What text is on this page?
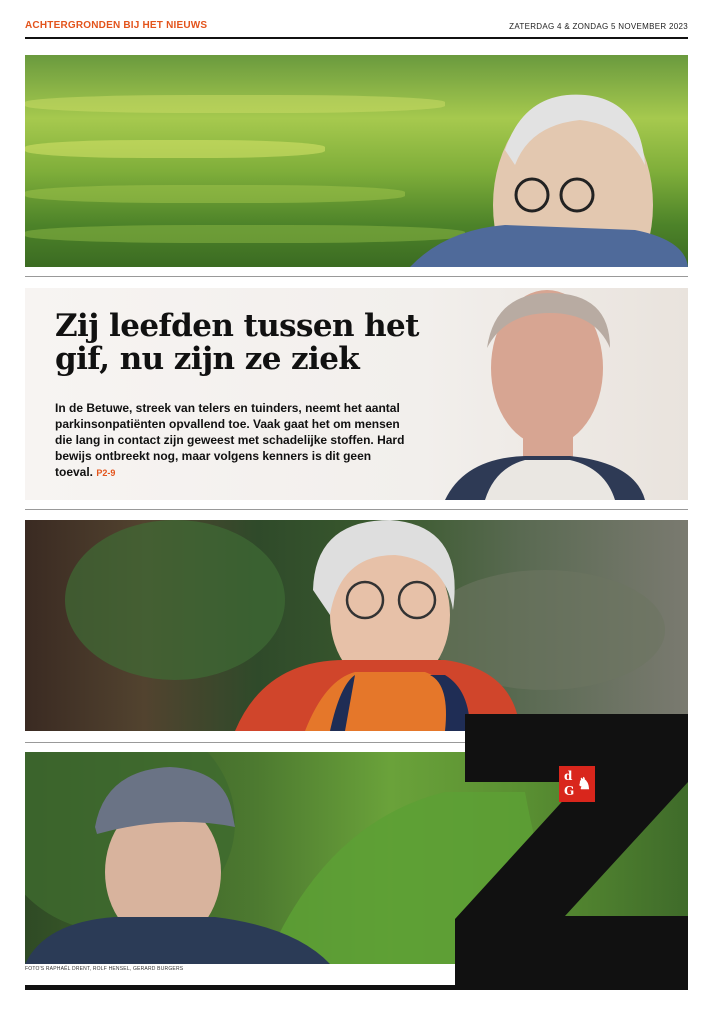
ACHTERGRONDEN BIJ HET NIEUWS	ZATERDAG 4 & ZONDAG 5 NOVEMBER 2023
Zij leefden tussen het gif, nu zijn ze ziek
In de Betuwe, streek van telers en tuinders, neemt het aantal parkinsonpatiënten opvallend toe. Vaak gaat het om mensen die lang in contact zijn geweest met schadelijke stoffen. Hard bewijs ontbreekt nog, maar volgens kenners is dit geen toeval. P2-9
FOTO'S RAPHAËL DRENT, ROLF HENSEL, GERARD BURGERS
d
G ♞
